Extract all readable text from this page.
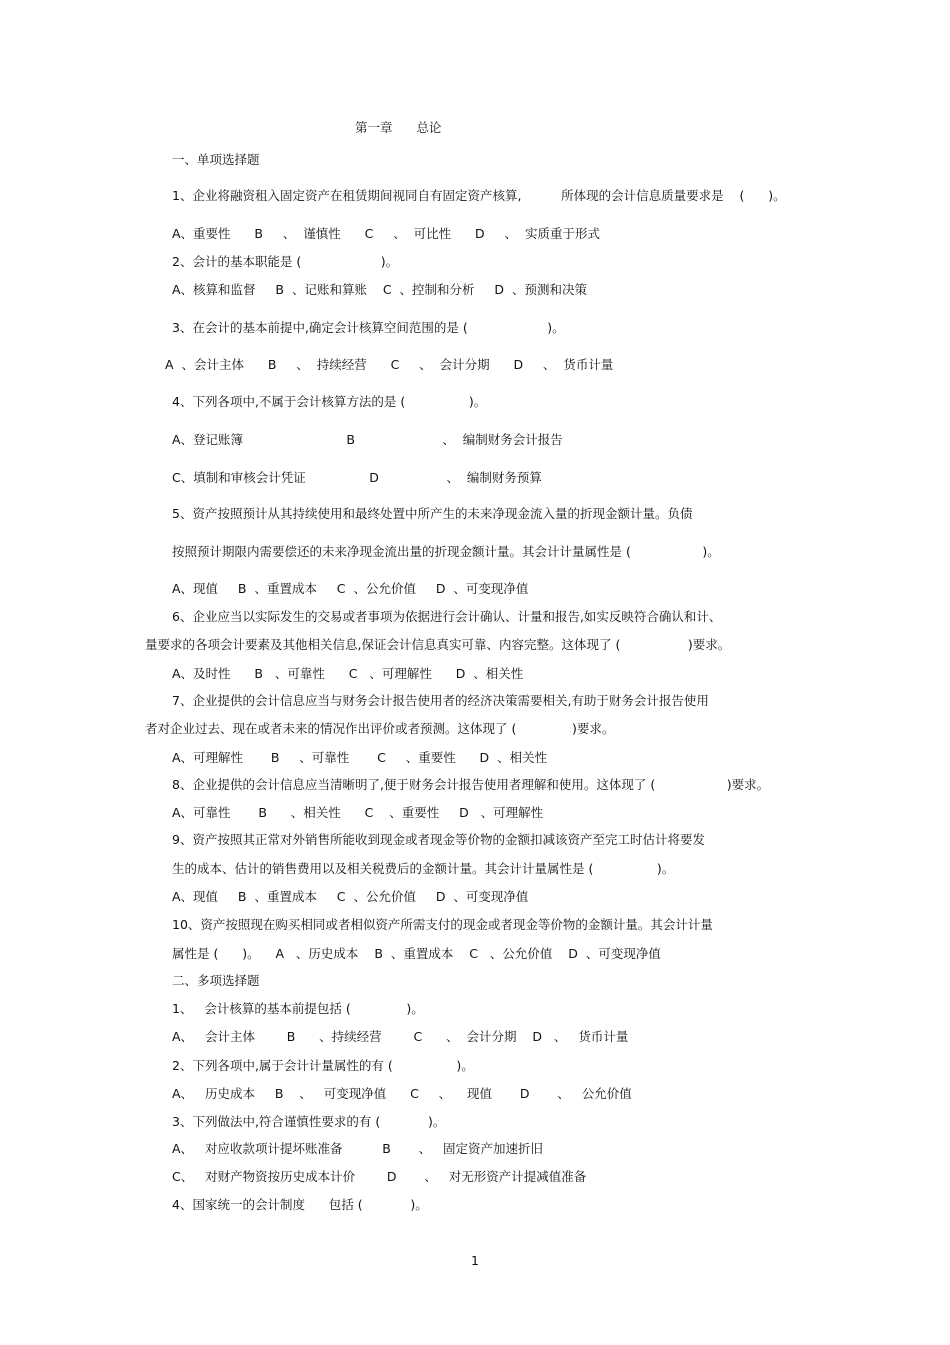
第一章      总论
一、单项选择题
1、企业将融资租入固定资产在租赁期间视同自有固定资产核算,          所体现的会计信息质量要求是    (      )。
A、重要性      B     、  谨慎性      C     、  可比性      D     、  实质重于形式
2、会计的基本职能是 (                    )。
A、核算和监督     B  、记账和算账    C  、控制和分析     D  、预测和决策
3、在会计的基本前提中,确定会计核算空间范围的是 (                    )。
A  、会计主体      B     、  持续经营      C     、  会计分期      D     、  货币计量
4、下列各项中,不属于会计核算方法的是 (                )。
A、登记账簿                          B                      、  编制财务会计报告
C、填制和审核会计凭证                D                 、  编制财务预算
5、资产按照预计从其持续使用和最终处置中所产生的未来净现金流入量的折现金额计量。负债
按照预计期限内需要偿还的未来净现金流出量的折现金额计量。其会计计量属性是 (                  )。
A、现值     B  、重置成本     C  、公允价值     D  、可变现净值
6、企业应当以实际发生的交易或者事项为依据进行会计确认、计量和报告,如实反映符合确认和计、
量要求的各项会计要素及其他相关信息,保证会计信息真实可靠、内容完整。这体现了 (                 )要求。
A、及时性      B   、可靠性      C   、可理解性      D  、相关性
7、企业提供的会计信息应当与财务会计报告使用者的经济决策需要相关,有助于财务会计报告使用
者对企业过去、现在或者未来的情况作出评价或者预测。这体现了 (              )要求。
A、可理解性       B     、可靠性       C     、重要性      D  、相关性
8、企业提供的会计信息应当清晰明了,便于财务会计报告使用者理解和使用。这体现了 (                  )要求。
A、可靠性       B      、相关性      C    、重要性     D   、可理解性
9、资产按照其正常对外销售所能收到现金或者现金等价物的金额扣减该资产至完工时估计将要发
生的成本、估计的销售费用以及相关税费后的金额计量。其会计计量属性是 (                )。
A、现值     B  、重置成本     C  、公允价值     D  、可变现净值
10、资产按照现在购买相同或者相似资产所需支付的现金或者现金等价物的金额计量。其会计计量
属性是 (      )。    A   、历史成本    B  、重置成本    C   、公允价值    D  、可变现净值
二、多项选择题
1、   会计核算的基本前提包括 (              )。
A、   会计主体        B      、持续经营        C      、  会计分期    D   、   货币计量
2、下列各项中,属于会计计量属性的有 (                )。
A、   历史成本     B    、   可变现净值      C     、    现值       D       、   公允价值
3、下列做法中,符合谨慎性要求的有 (            )。
A、   对应收款项计提坏账准备          B       、   固定资产加速折旧
C、   对财产物资按历史成本计价        D       、   对无形资产计提减值准备
4、国家统一的会计制度      包括 (            )。
1
